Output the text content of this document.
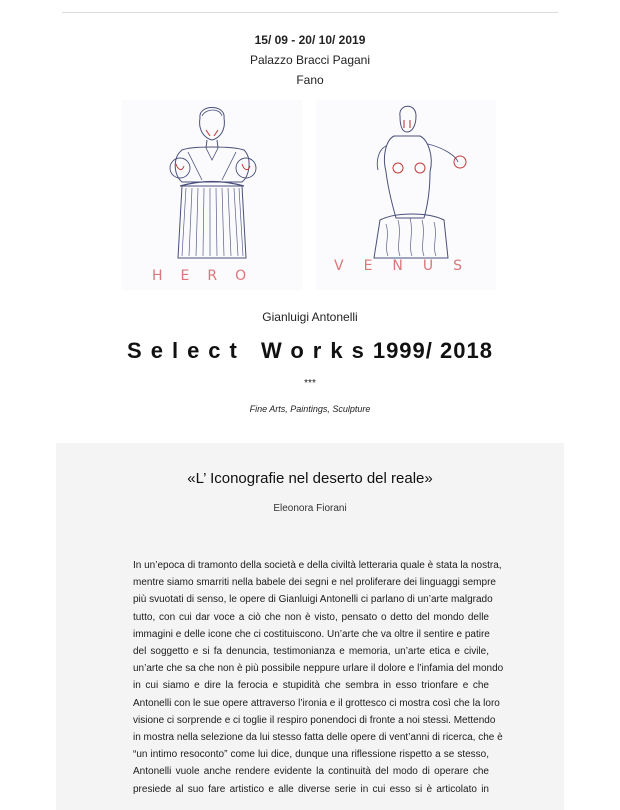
15/ 09 - 20/ 10/ 2019
Palazzo Bracci Pagani
Fano
HERO
VENUS
Gianluigi Antonelli
Select Works1999/ 2018
***
Fine Arts, Paintings, Sculpture
«L’ Iconografie nel deserto del reale»
Eleonora Fiorani
In un’epoca di tramonto della società e della civiltà letteraria quale è stata la nostra,
mentre siamo smarriti nella babele dei segni e nel proliferare dei linguaggi sempre
più svuotati di senso, le opere di Gianluigi Antonelli ci parlano di un’arte malgrado
tutto, con cui dar voce a ciò che non è visto, pensato o detto del mondo delle
immagini e delle icone che ci costituiscono. Un’arte che va oltre il sentire e patire
del soggetto e si fa denuncia, testimonianza e memoria, un’arte etica e civile,
un’arte che sa che non è più possibile neppure urlare il dolore e l’infamia del mondo
in cui siamo e dire la ferocia e stupidità che sembra in esso trionfare e che
Antonelli con le sue opere attraverso l’ironia e il grottesco ci mostra così che la loro
visione ci sorprende e ci toglie il respiro ponendoci di fronte a noi stessi. Mettendo
in mostra nella selezione da lui stesso fatta delle opere di vent’anni di ricerca, che è
“un intimo resoconto” come lui dice, dunque una riflessione rispetto a se stesso,
Antonelli vuole anche rendere evidente la continuità del modo di operare che
presiede al suo fare artistico e alle diverse serie in cui esso si è articolato in
